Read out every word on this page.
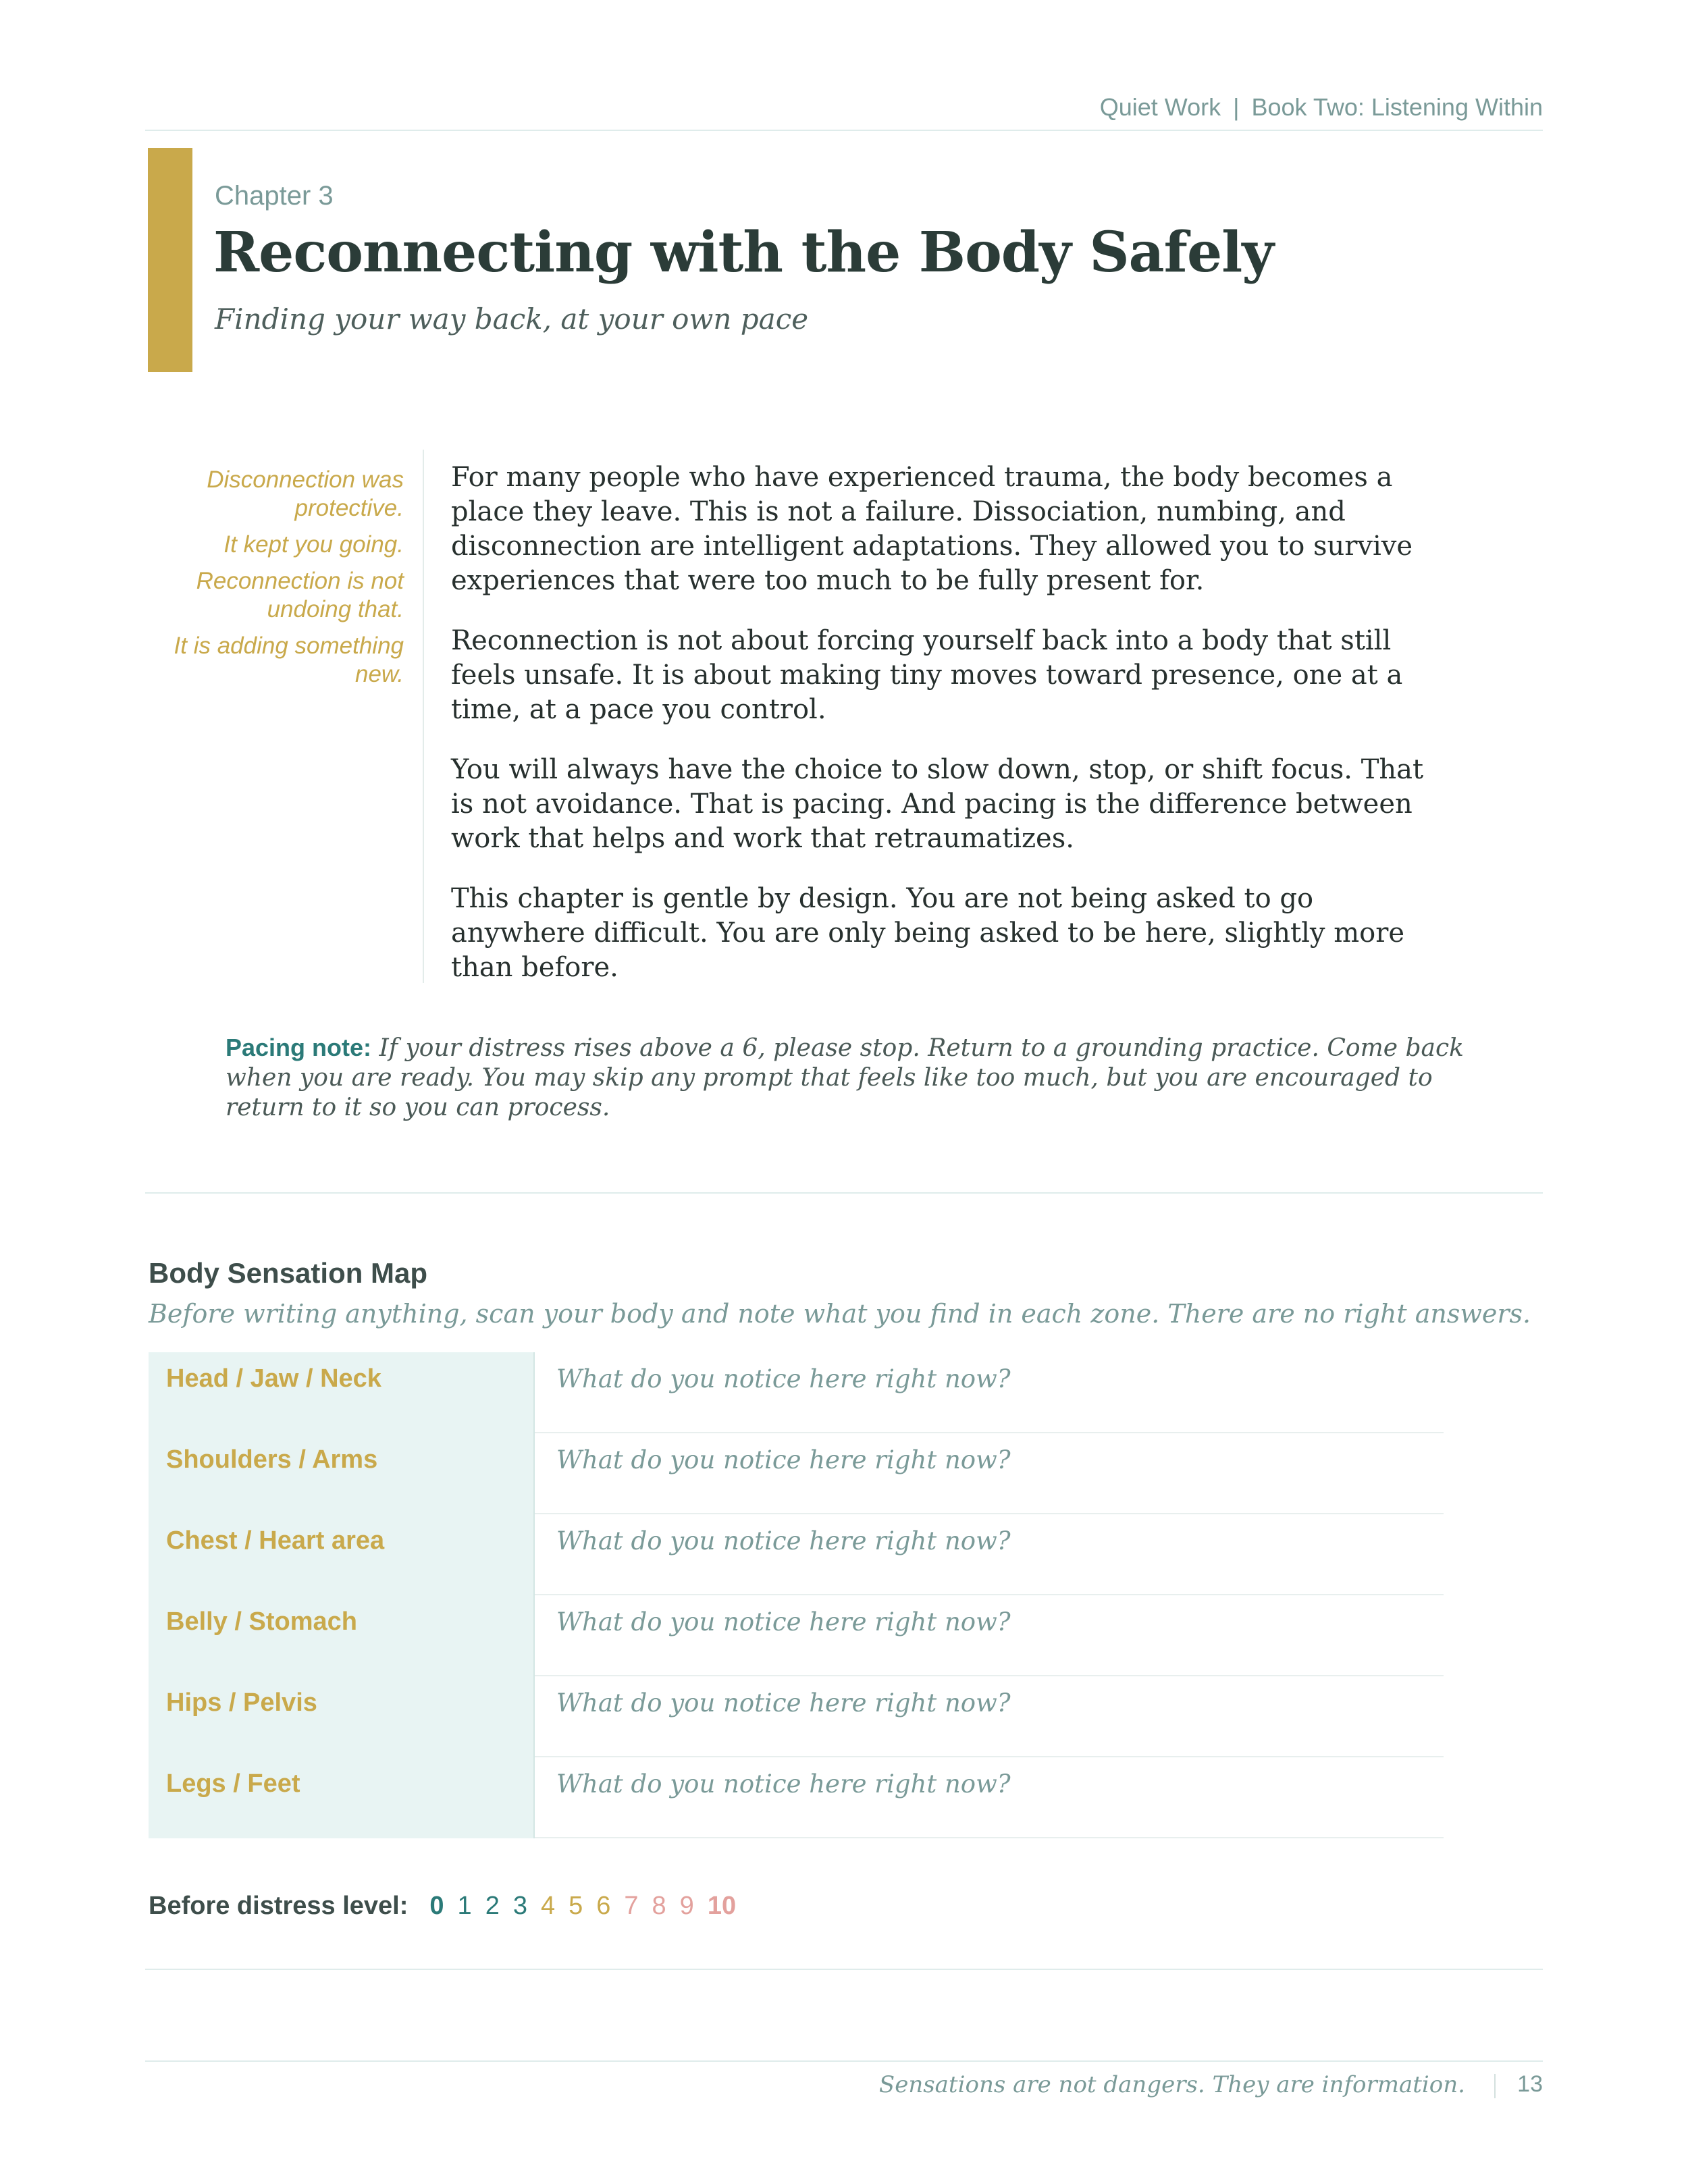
Quiet Work | Book Two: Listening Within
Chapter 3
Reconnecting with the Body Safely
Finding your way back, at your own pace

Disconnection was protective.

It kept you going.

Reconnection is not undoing that.

It is adding something new.

For many people who have experienced trauma, the body becomes a place they leave. This is not a failure. Dissociation, numbing, and disconnection are intelligent adaptations. They allowed you to survive experiences that were too much to be fully present for.

Reconnection is not about forcing yourself back into a body that still feels unsafe. It is about making tiny moves toward presence, one at a time, at a pace you control.

You will always have the choice to slow down, stop, or shift focus. That is not avoidance. That is pacing. And pacing is the difference between work that helps and work that retraumatizes.

This chapter is gentle by design. You are not being asked to go anywhere difficult. You are only being asked to be here, slightly more than before.

Pacing note: If your distress rises above a 6, please stop. Return to a grounding practice. Come back when you are ready. You may skip any prompt that feels like too much, but you are encouraged to return to it so you can process.
Body Sensation Map
Before writing anything, scan your body and note what you find in each zone. There are no right answers.
Head / Jaw / Neck	What do you notice here right now?
Shoulders / Arms	What do you notice here right now?
Chest / Heart area	What do you notice here right now?
Belly / Stomach	What do you notice here right now?
Hips / Pelvis	What do you notice here right now?
Legs / Feet	What do you notice here right now?
Before distress level: 0 1 2 3 4 5 6 7 8 9 10
Sensations are not dangers. They are information. 13
